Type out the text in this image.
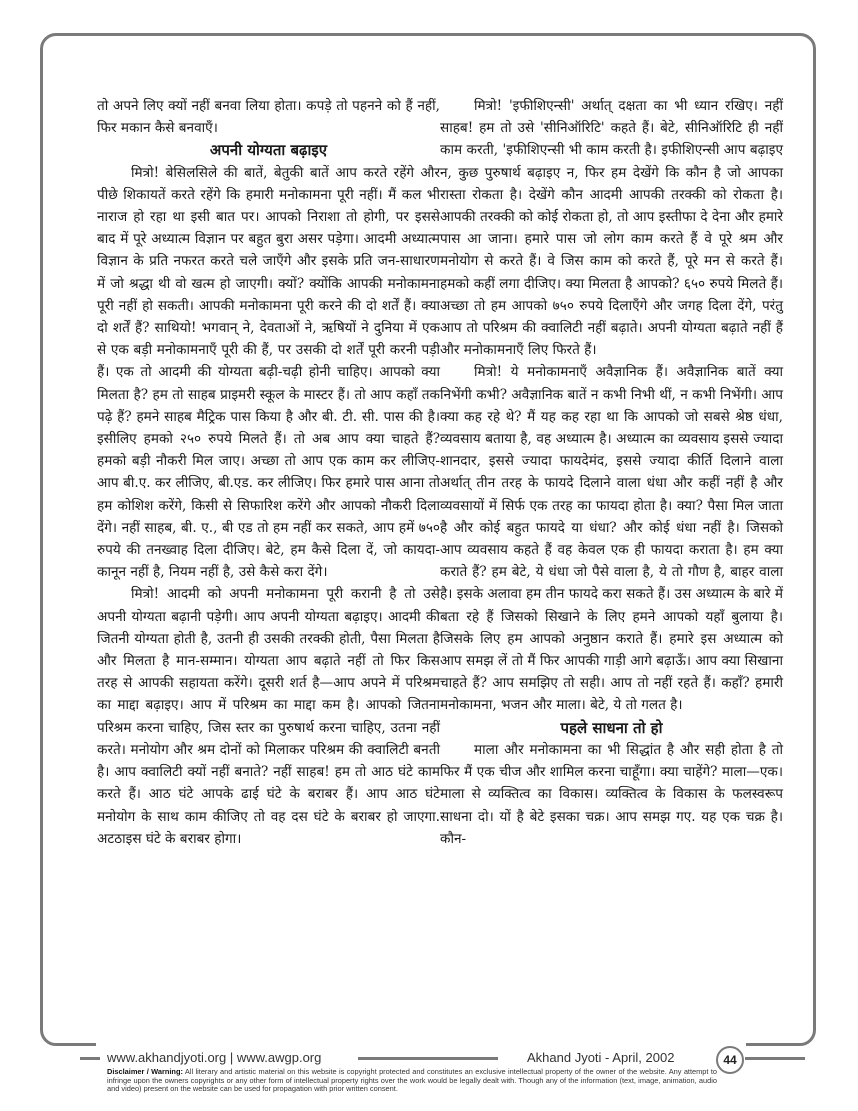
तो अपने लिए क्यों नहीं बनवा लिया होता। कपड़े तो पहनने को हैं नहीं, फिर मकान कैसे बनवाएँ।

अपनी योग्यता बढ़ाइए

मित्रो! बेसिलसिले की बातें, बेतुकी बातें आप करते रहेंगे और पीछे शिकायतें करते रहेंगे कि हमारी मनोकामना पूरी नहीं। मैं कल भी नाराज हो रहा था इसी बात पर। आपको निराशा तो होगी, पर इससे बाद में पूरे अध्यात्म विज्ञान पर बहुत बुरा असर पड़ेगा। आदमी अध्यात्म विज्ञान के प्रति नफरत करते चले जाएँगे और इसके प्रति जन-साधारण में जो श्रद्धा थी वो खत्म हो जाएगी। क्यों? क्योंकि आपकी मनोकामना पूरी नहीं हो सकती। आपकी मनोकामना पूरी करने की दो शर्तें हैं। क्या दो शर्तें हैं? साथियो! भगवान् ने, देवताओं ने, ऋषियों ने दुनिया में एक से एक बड़ी मनोकामनाएँ पूरी की हैं, पर उसकी दो शर्तें पूरी करनी पड़ी हैं। एक तो आदमी की योग्यता बढ़ी-चढ़ी होनी चाहिए। आपको क्या मिलता है? हम तो साहब प्राइमरी स्कूल के मास्टर हैं। तो आप कहाँ तक पढ़े हैं? हमने साहब मैट्रिक पास किया है और बी. टी. सी. पास की है। इसीलिए हमको २५० रुपये मिलते हैं। तो अब आप क्या चाहते हैं? हमको बड़ी नौकरी मिल जाए। अच्छा तो आप एक काम कर लीजिए-आप बी.ए. कर लीजिए, बी.एड. कर लीजिए। फिर हमारे पास आना तो हम कोशिश करेंगे, किसी से सिफारिश करेंगे और आपको नौकरी दिला देंगे। नहीं साहब, बी. ए., बी एड तो हम नहीं कर सकते, आप हमें ७५० रुपये की तनख्वाह दिला दीजिए। बेटे, हम कैसे दिला दें, जो कायदा-कानून नहीं है, नियम नहीं है, उसे कैसे करा देंगे।

मित्रो! आदमी को अपनी मनोकामना पूरी करानी है तो उसे अपनी योग्यता बढ़ानी पड़ेगी। आप अपनी योग्यता बढ़ाइए। आदमी की जितनी योग्यता होती है, उतनी ही उसकी तरक्की होती, पैसा मिलता है और मिलता है मान-सम्मान। योग्यता आप बढ़ाते नहीं तो फिर किस तरह से आपकी सहायता करेंगे। दूसरी शर्त है—आप अपने में परिश्रम का माद्दा बढ़ाइए। आप में परिश्रम का माद्दा कम है। आपको जितना परिश्रम करना चाहिए, जिस स्तर का पुरुषार्थ करना चाहिए, उतना नहीं करते। मनोयोग और श्रम दोनों को मिलाकर परिश्रम की क्वालिटी बनती है। आप क्वालिटी क्यों नहीं बनाते? नहीं साहब! हम तो आठ घंटे काम करते हैं। आठ घंटे आपके ढाई घंटे के बराबर हैं। आप आठ घंटे मनोयोग के साथ काम कीजिए तो वह दस घंटे के बराबर हो जाएगा. अटठाइस घंटे के बराबर होगा।

मित्रो! 'इफीशिएन्सी' अर्थात् दक्षता का भी ध्यान रखिए। नहीं साहब! हम तो उसे 'सीनिऑरिटि' कहते हैं। बेटे, सीनिऑरिटि ही नहीं काम करती, 'इफीशिएन्सी भी काम करती है। इफीशिएन्सी आप बढ़ाइए न, कुछ पुरुषार्थ बढ़ाइए न, फिर हम देखेंगे कि कौन है जो आपका रास्ता रोकता है। देखेंगे कौन आदमी आपकी तरक्की को रोकता है। आपकी तरक्की को कोई रोकता हो, तो आप इस्तीफा दे देना और हमारे पास आ जाना। हमारे पास जो लोग काम करते हैं वे पूरे श्रम और मनोयोग से करते हैं। वे जिस काम को करते हैं, पूरे मन से करते हैं। हमको कहीं लगा दीजिए। क्या मिलता है आपको? ६५० रुपये मिलते हैं। अच्छा तो हम आपको ७५० रुपये दिलाएँगे और जगह दिला देंगे, परंतु आप तो परिश्रम की क्वालिटी नहीं बढ़ाते। अपनी योग्यता बढ़ाते नहीं हैं और मनोकामनाएँ लिए फिरते हैं।

मित्रो! ये मनोकामनाएँ अवैज्ञानिक हैं। अवैज्ञानिक बातें क्या निभेंगी कभी? अवैज्ञानिक बातें न कभी निभी थीं, न कभी निभेंगी। आप क्या कह रहे थे? मैं यह कह रहा था कि आपको जो सबसे श्रेष्ठ धंधा, व्यवसाय बताया है, वह अध्यात्म है। अध्यात्म का व्यवसाय इससे ज्यादा शानदार, इससे ज्यादा फायदेमंद, इससे ज्यादा कीर्ति दिलाने वाला अर्थात् तीन तरह के फायदे दिलाने वाला धंधा और कहीं नहीं है और व्यवसायों में सिर्फ एक तरह का फायदा होता है। क्या? पैसा मिल जाता है और कोई बहुत फायदे या धंधा? और कोई धंधा नहीं है। जिसको आप व्यवसाय कहते हैं वह केवल एक ही फायदा कराता है। हम क्या कराते हैं? हम बेटे, ये धंधा जो पैसे वाला है, ये तो गौण है, बाहर वाला है। इसके अलावा हम तीन फायदे करा सकते हैं। उस अध्यात्म के बारे में बता रहे हैं जिसको सिखाने के लिए हमने आपको यहाँ बुलाया है। जिसके लिए हम आपको अनुष्ठान कराते हैं। हमारे इस अध्यात्म को आप समझ लें तो मैं फिर आपकी गाड़ी आगे बढ़ाऊँ। आप क्या सिखाना चाहते हैं? आप समझिए तो सही। आप तो नहीं रहते हैं। कहाँ? हमारी मनोकामना, भजन और माला। बेटे, ये तो गलत है।

पहले साधना तो हो

माला और मनोकामना का भी सिद्धांत है और सही होता है तो फिर मैं एक चीज और शामिल करना चाहूँगा। क्या चाहेंगे? माला—एक। माला से व्यक्तित्व का विकास। व्यक्तित्व के विकास के फलस्वरूप साधना दो। यों है बेटे इसका चक्र। आप समझ गए. यह एक चक्र है। कौन-

www.akhandjyoti.org | www.awgp.org	Akhand Jyoti - April, 2002	44
Disclaimer / Warning: All literary and artistic material on this website is copyright protected and constitutes an exclusive intellectual property of the owner of the website. Any attempt to infringe upon the owners copyrights or any other form of intellectual property rights over the work would be legally dealt with. Though any of the information (text, image, animation, audio and video) present on the website can be used for propagation with prior written consent.
